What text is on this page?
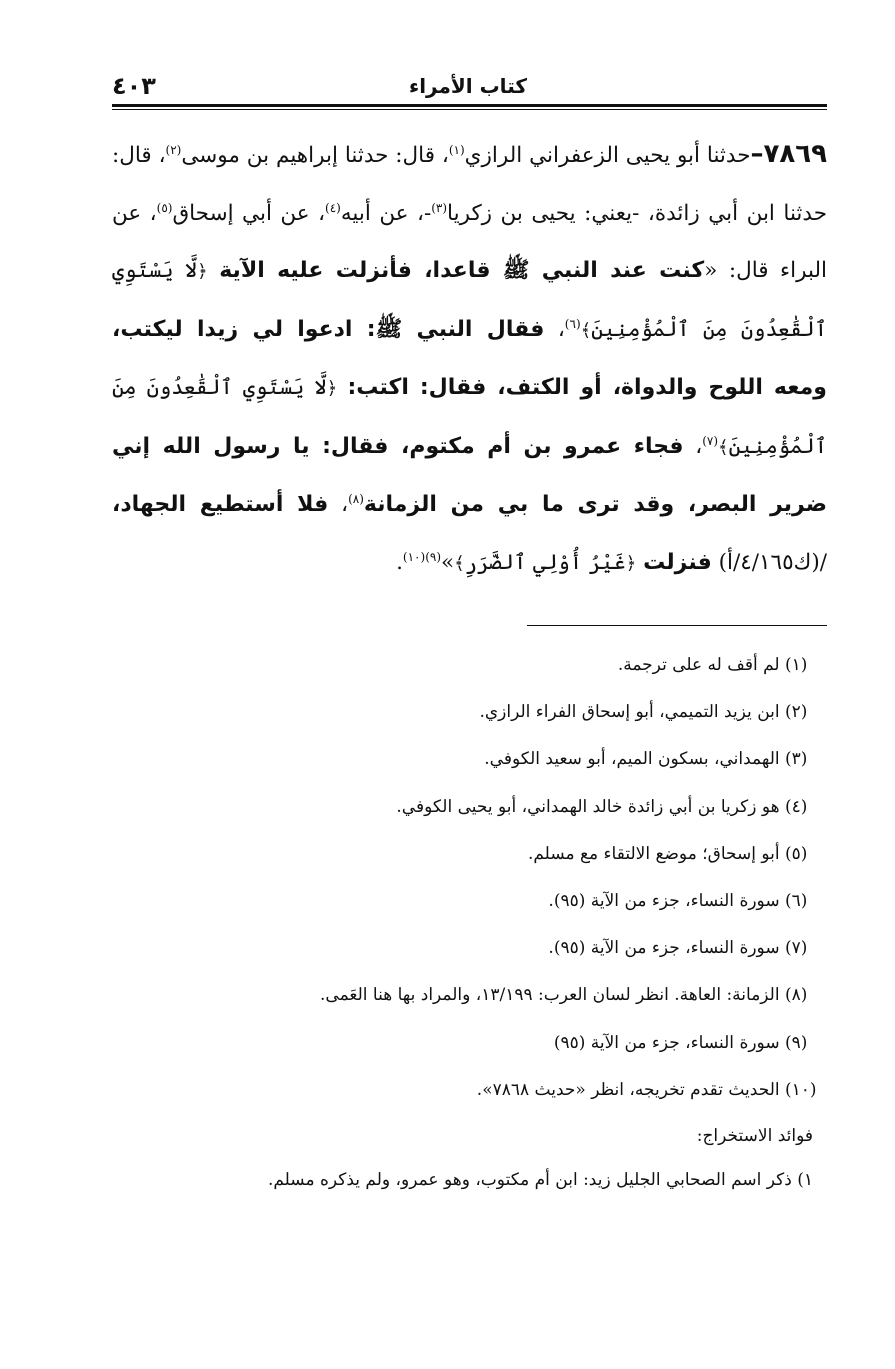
كتاب الأمراء
٤٠٣
٧٨٦٩–حدثنا أبو يحيى الزعفراني الرازي$^{(١)}$، قال: حدثنا إبراهيم بن موسى$^{(٢)}$، قال: حدثنا ابن أبي زائدة، -يعني: يحيى بن زكريا$^{(٣)}$-، عن أبيه$^{(٤)}$، عن أبي إسحاق$^{(٥)}$، عن البراء قال: «كنت عند النبي ﷺ قاعدا، فأنزلت عليه الآية ﴿لَّا يَسْتَوِي ٱلْقَٰعِدُونَ مِنَ ٱلْمُؤْمِنِينَ﴾$^{(٦)}$، فقال النبي ﷺ: ادعوا لي زيدا ليكتب، ومعه اللوح والدواة، أو الكتف، فقال: اكتب: ﴿لَّا يَسْتَوِي ٱلْقَٰعِدُونَ مِنَ ٱلْمُؤْمِنِينَ﴾$^{(٧)}$، فجاء عمرو بن أم مكتوم، فقال: يا رسول الله إني ضرير البصر، وقد ترى ما بي من الزمانة$^{(٨)}$، فلا أستطيع الجهاد، /(ك٤/١٦٥/أ) فنزلت ﴿غَيْرُ أُوْلِي ٱلضَّرَرِ﴾»$^{(٩)(١٠)}$.
(١) لم أقف له على ترجمة.
(٢) ابن يزيد التميمي، أبو إسحاق الفراء الرازي.
(٣) الهمداني، بسكون الميم، أبو سعيد الكوفي.
(٤) هو زكريا بن أبي زائدة خالد الهمداني، أبو يحيى الكوفي.
(٥) أبو إسحاق؛ موضع الالتقاء مع مسلم.
(٦) سورة النساء، جزء من الآية (٩٥).
(٧) سورة النساء، جزء من الآية (٩٥).
(٨) الزمانة: العاهة. انظر لسان العرب: ١٣/١٩٩، والمراد بها هنا العَمى.
(٩) سورة النساء، جزء من الآية (٩٥)
(١٠) الحديث تقدم تخريجه، انظر «حديث ٧٨٦٨».
فوائد الاستخراج:
١) ذكر اسم الصحابي الجليل زيد: ابن أم مكتوب، وهو عمرو، ولم يذكره مسلم.
